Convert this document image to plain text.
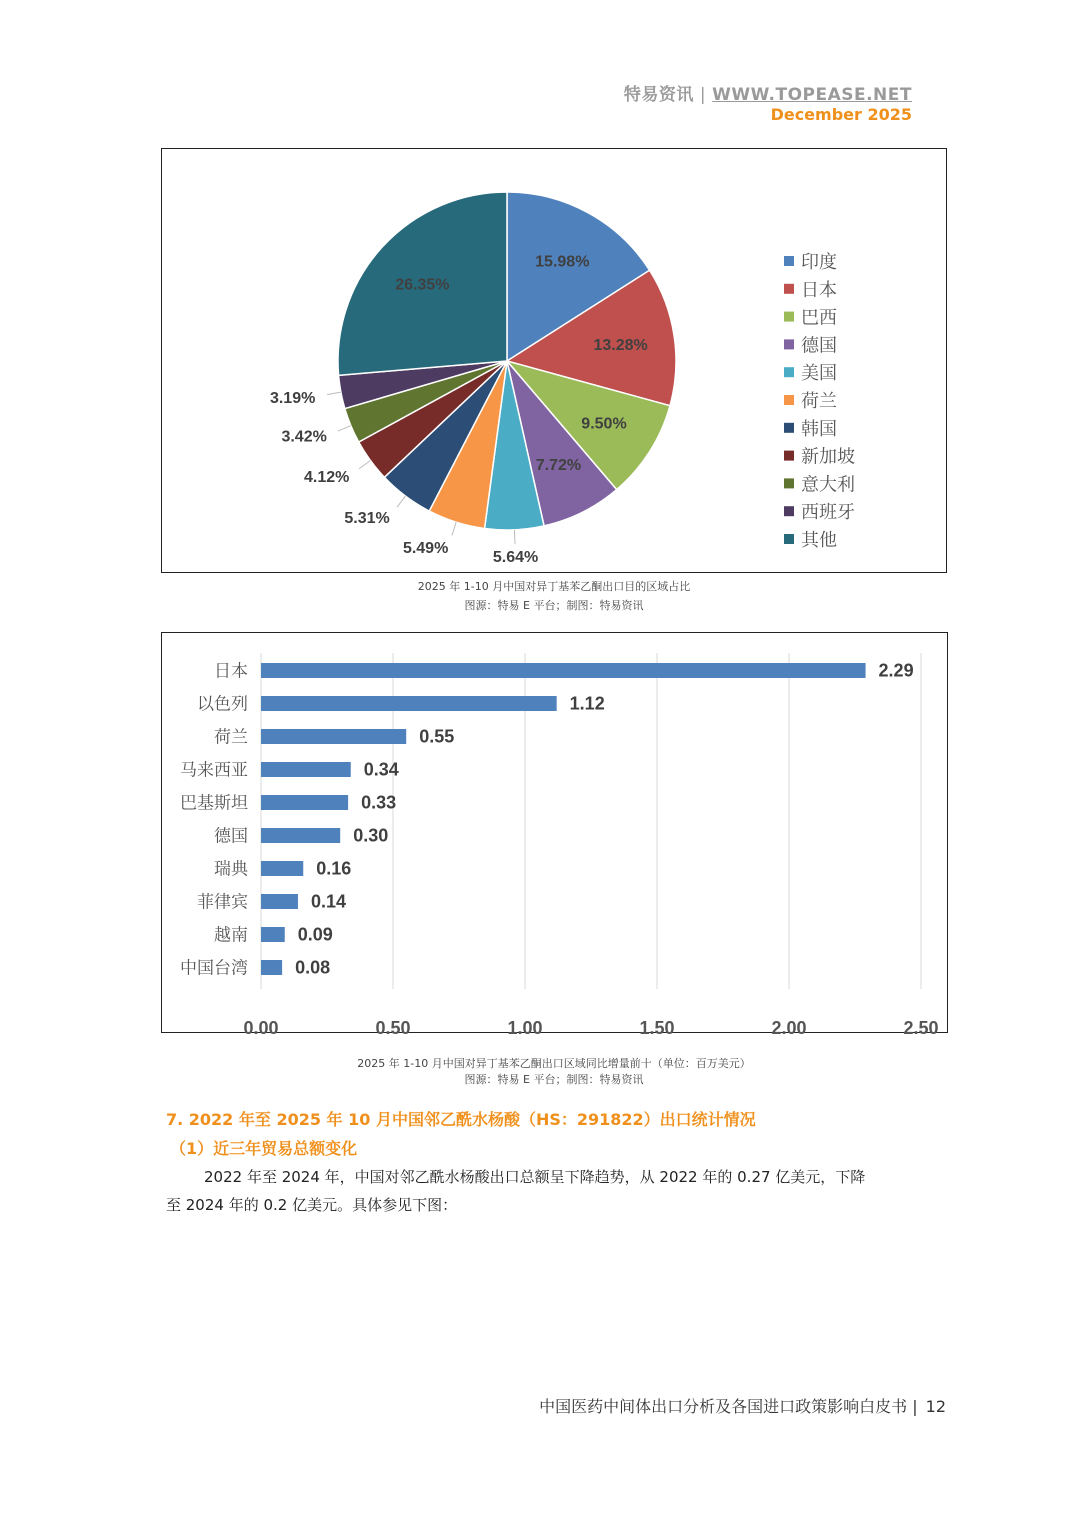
特易资讯 | WWW.TOPEASE.NET
December 2025
15.98%
13.28%
9.50%
7.72%
5.64%
5.49%
5.31%
4.12%
3.42%
3.19%
26.35%
印度
日本
巴西
德国
美国
荷兰
韩国
新加坡
意大利
西班牙
其他
2025 年 1-10 月中国对异丁基苯乙酮出口目的区域占比
图源：特易 E 平台；制图：特易资讯
0.00	0.50	1.00	1.50	2.00	2.50
日本	2.29
以色列	1.12
荷兰	0.55
马来西亚	0.34
巴基斯坦	0.33
德国	0.30
瑞典	0.16
菲律宾	0.14
越南	0.09
中国台湾	0.08
2025 年 1-10 月中国对异丁基苯乙酮出口区域同比增量前十（单位：百万美元）
图源：特易 E 平台；制图：特易资讯
7. 2022 年至 2025 年 10 月中国邻乙酰水杨酸（HS：291822）出口统计情况
（1）近三年贸易总额变化
2022 年至 2024 年，中国对邻乙酰水杨酸出口总额呈下降趋势，从 2022 年的 0.27 亿美元，下降
至 2024 年的 0.2 亿美元。具体参见下图：
中国医药中间体出口分析及各国进口政策影响白皮书 | 12
